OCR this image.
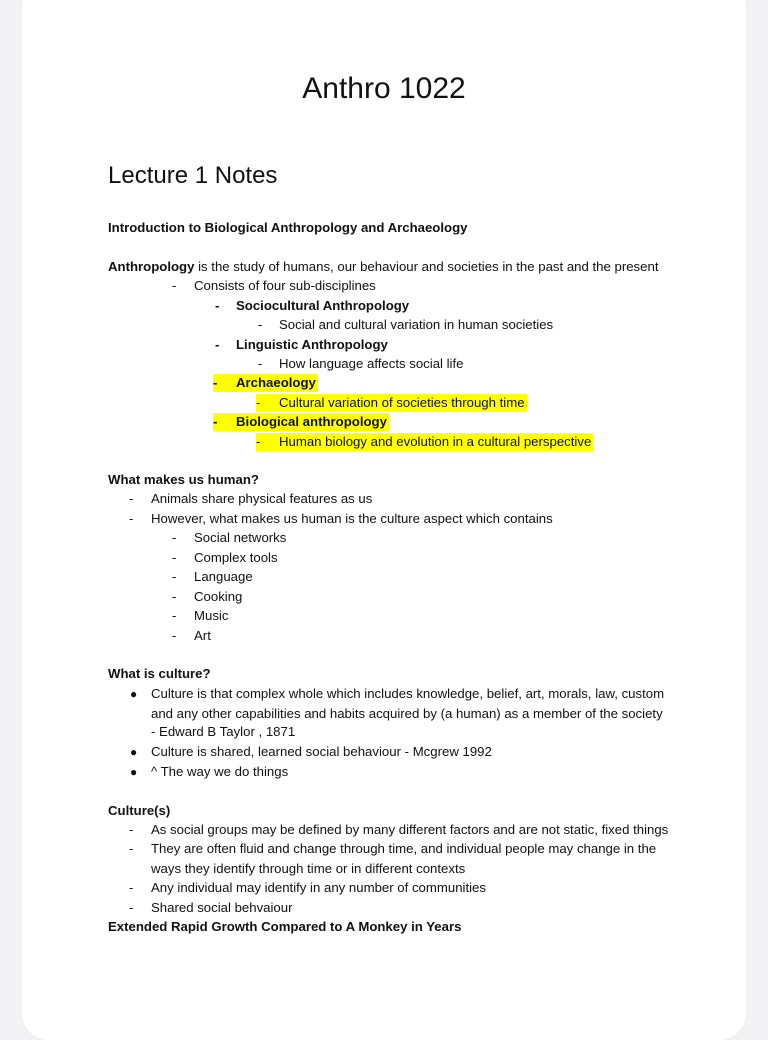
Anthro 1022
Lecture 1 Notes
Introduction to Biological Anthropology and Archaeology
Anthropology is the study of humans, our behaviour and societies in the past and the present
- Consists of four sub-disciplines
- Sociocultural Anthropology
- Social and cultural variation in human societies
- Linguistic Anthropology
- How language affects social life
- Archaeology
- Cultural variation of societies through time
- Biological anthropology
- Human biology and evolution in a cultural perspective
What makes us human?
- Animals share physical features as us
- However, what makes us human is the culture aspect which contains
- Social networks
- Complex tools
- Language
- Cooking
- Music
- Art
What is culture?
● Culture is that complex whole which includes knowledge, belief, art, morals, law, custom
and any other capabilities and habits acquired by (a human) as a member of the society
- Edward B Taylor , 1871
● Culture is shared, learned social behaviour - Mcgrew 1992
● ^ The way we do things
Culture(s)
- As social groups may be defined by many different factors and are not static, fixed things
- They are often fluid and change through time, and individual people may change in the
ways they identify through time or in different contexts
- Any individual may identify in any number of communities
- Shared social behvaiour
Extended Rapid Growth Compared to A Monkey in Years
